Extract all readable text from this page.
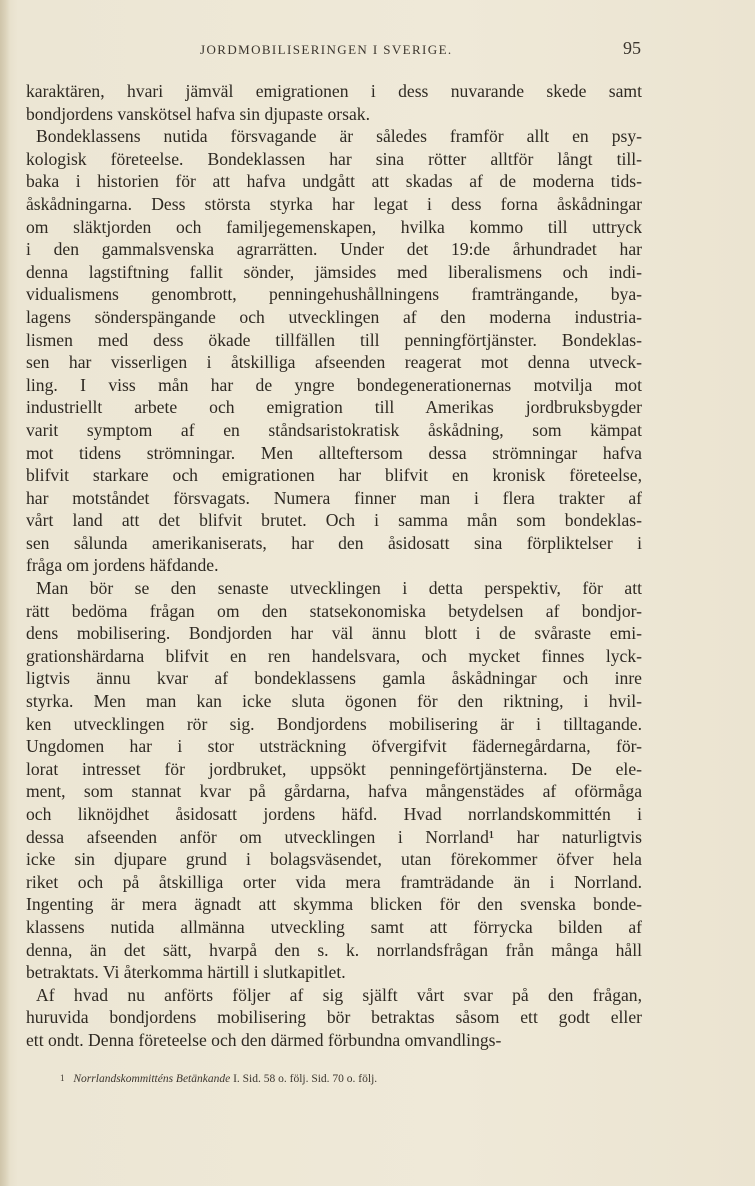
JORDMOBILISERINGEN I SVERIGE.	95
karaktären, hvari jämväl emigrationen i dess nuvarande skede samt
bondjordens vanskötsel hafva sin djupaste orsak.
Bondeklassens nutida försvagande är således framför allt en psy-
kologisk företeelse. Bondeklassen har sina rötter alltför långt till-
baka i historien för att hafva undgått att skadas af de moderna tids-
åskådningarna. Dess största styrka har legat i dess forna åskådningar
om släktjorden och familjegemenskapen, hvilka kommo till uttryck
i den gammalsvenska agrarrätten. Under det 19:de århundradet har
denna lagstiftning fallit sönder, jämsides med liberalismens och indi-
vidualismens genombrott, penningehushållningens framträngande, bya-
lagens sönderspängande och utvecklingen af den moderna industria-
lismen med dess ökade tillfällen till penningförtjänster. Bondeklas-
sen har visserligen i åtskilliga afseenden reagerat mot denna utveck-
ling. I viss mån har de yngre bondegenerationernas motvilja mot
industriellt arbete och emigration till Amerikas jordbruksbygder
varit symptom af en ståndsaristokratisk åskådning, som kämpat
mot tidens strömningar. Men allteftersom dessa strömningar hafva
blifvit starkare och emigrationen har blifvit en kronisk företeelse,
har motståndet försvagats. Numera finner man i flera trakter af
vårt land att det blifvit brutet. Och i samma mån som bondeklas-
sen sålunda amerikaniserats, har den åsidosatt sina förpliktelser i
fråga om jordens häfdande.
Man bör se den senaste utvecklingen i detta perspektiv, för att
rätt bedöma frågan om den statsekonomiska betydelsen af bondjor-
dens mobilisering. Bondjorden har väl ännu blott i de svåraste emi-
grationshärdarna blifvit en ren handelsvara, och mycket finnes lyck-
ligtvis ännu kvar af bondeklassens gamla åskådningar och inre
styrka. Men man kan icke sluta ögonen för den riktning, i hvil-
ken utvecklingen rör sig. Bondjordens mobilisering är i tilltagande.
Ungdomen har i stor utsträckning öfvergifvit fädernegårdarna, för-
lorat intresset för jordbruket, uppsökt penningeförtjänsterna. De ele-
ment, som stannat kvar på gårdarna, hafva mångenstädes af oförmåga
och liknöjdhet åsidosatt jordens häfd. Hvad norrlandskommittén i
dessa afseenden anför om utvecklingen i Norrland¹ har naturligtvis
icke sin djupare grund i bolagsväsendet, utan förekommer öfver hela
riket och på åtskilliga orter vida mera framträdande än i Norrland.
Ingenting är mera ägnadt att skymma blicken för den svenska bonde-
klassens nutida allmänna utveckling samt att förrycka bilden af
denna, än det sätt, hvarpå den s. k. norrlandsfrågan från många håll
betraktats. Vi återkomma härtill i slutkapitlet.
Af hvad nu anförts följer af sig själft vårt svar på den frågan,
huruvida bondjordens mobilisering bör betraktas såsom ett godt eller
ett ondt. Denna företeelse och den därmed förbundna omvandlings-
$^1$ Norrlandskommitténs Betänkande I. Sid. 58 o. följ. Sid. 70 o. följ.
